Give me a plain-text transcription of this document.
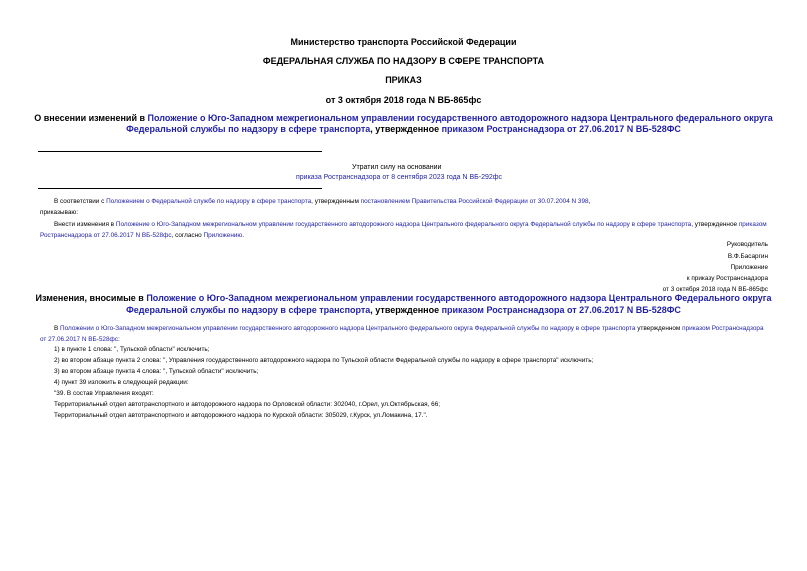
Министерство транспорта Российской Федерации
ФЕДЕРАЛЬНАЯ СЛУЖБА ПО НАДЗОРУ В СФЕРЕ ТРАНСПОРТА
ПРИКАЗ
от 3 октября 2018 года N ВБ-865фс
О внесении изменений в Положение о Юго-Западном межрегиональном управлении государственного автодорожного надзора Центрального федерального округа
Федеральной службы по надзору в сфере транспорта, утвержденное приказом Ространснадзора от 27.06.2017 N ВБ-528ФС
Утратил силу на основании
приказа Ространснадзора от 8 сентября 2023 года N ВБ-292фс
В соответствии с Положением о Федеральной службе по надзору в сфере транспорта, утвержденным постановлением Правительства Российской Федерации от 30.07.2004 N 398,
приказываю:
Внести изменения в Положение о Юго-Западном межрегиональном управлении государственного автодорожного надзора Центрального федерального округа Федеральной службы по надзору в сфере транспорта, утвержденное приказом Ространснадзора от 27.06.2017 N ВБ-528фс, согласно Приложению.
Руководитель
В.Ф.Басаргин
Приложение
к приказу Ространснадзора
от 3 октября 2018 года N ВБ-865фс
Изменения, вносимые в Положение о Юго-Западном межрегиональном управлении государственного автодорожного надзора Центрального Федерального округа
Федеральной службы по надзору в сфере транспорта, утвержденное приказом Ространснадзора от 27.06.2017 N ВБ-528ФС
В Положении о Юго-Западном межрегиональном управлении государственного автодорожного надзора Центрального федерального округа Федеральной службы по надзору в сфере транспорта утвержденном приказом Ространснадзора от 27.06.2017 N ВБ-528фс:
1) в пункте 1 слова: ", Тульской области" исключить;
2) во втором абзаце пункта 2 слова: ", Управления государственного автодорожного надзора по Тульской области Федеральной службы по надзору в сфере транспорта" исключить;
3) во втором абзаце пункта 4 слова: ", Тульской области" исключить;
4) пункт 39 изложить в следующей редакции:
"39. В состав Управления входят:
Территориальный отдел автотранспортного и автодорожного надзора по Орловской области: 302040, г.Орел, ул.Октябрьская, 66;
Территориальный отдел автотранспортного и автодорожного надзора по Курской области: 305029, г.Курск, ул.Ломакина, 17.".
